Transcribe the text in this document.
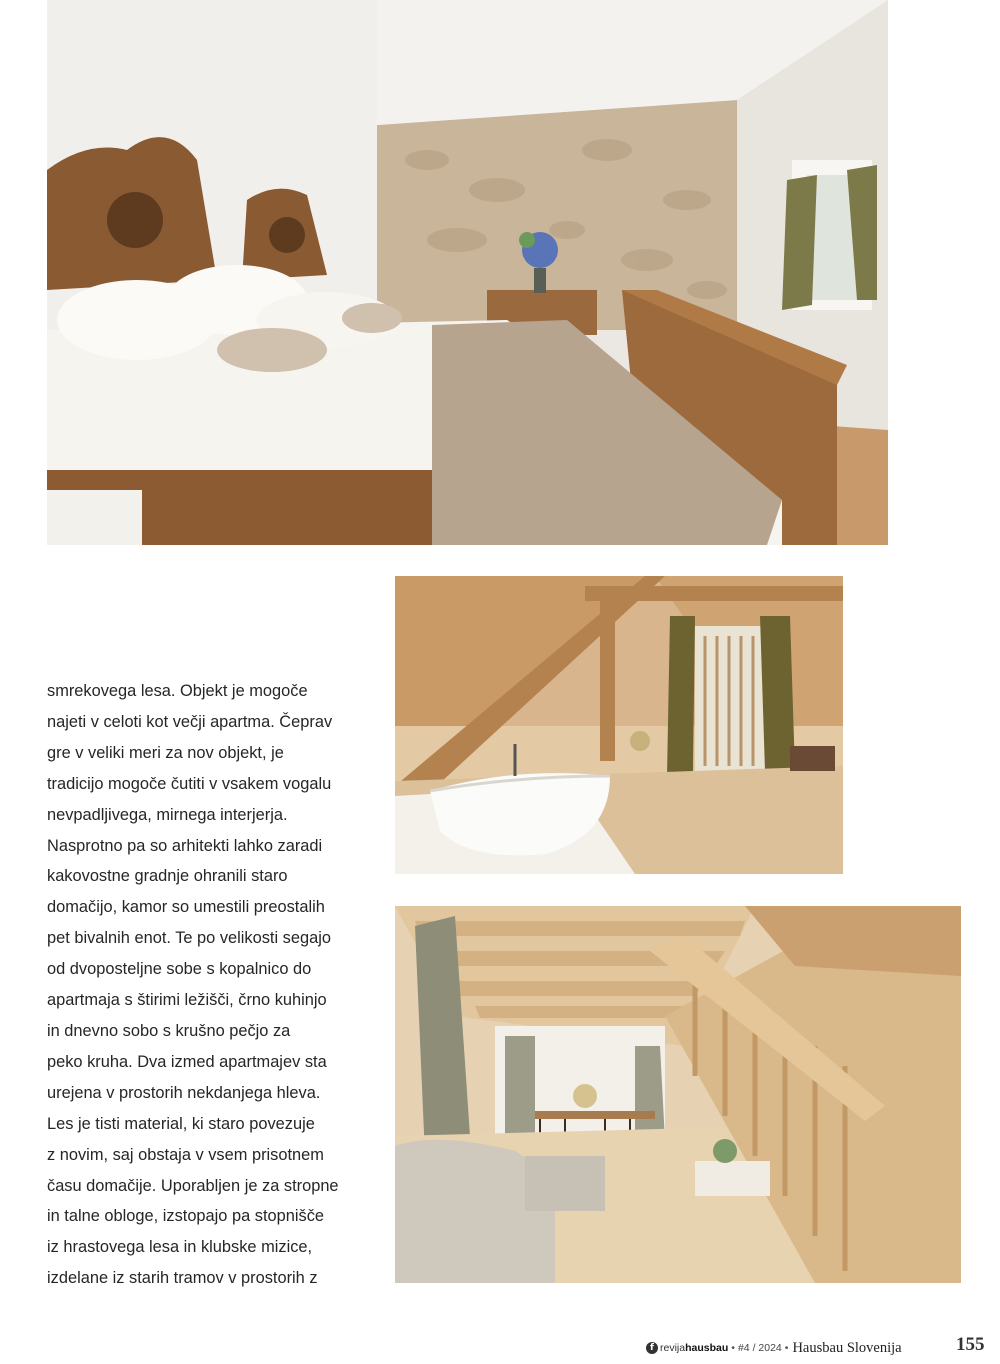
smrekovega lesa. Objekt je mogoče
najeti v celoti kot večji apartma. Čeprav
gre v veliki meri za nov objekt, je
tradicijo mogoče čutiti v vsakem vogalu
nevpadljivega, mirnega interjerja.
Nasprotno pa so arhitekti lahko zaradi
kakovostne gradnje ohranili staro
domačijo, kamor so umestili preostalih
pet bivalnih enot. Te po velikosti segajo
od dvoposteljne sobe s kopalnico do
apartmaja s štirimi ležišči, črno kuhinjo
in dnevno sobo s krušno pečjo za
peko kruha. Dva izmed apartmajev sta
urejena v prostorih nekdanjega hleva.
Les je tisti material, ki staro povezuje
z novim, saj obstaja v vsem prisotnem
času domačije. Uporabljen je za stropne
in talne obloge, izstopajo pa stopnišče
iz hrastovega lesa in klubske mizice,
izdelane iz starih tramov v prostorih z
f revija hausbau • #4 / 2024 • Hausbau Slovenija	155
